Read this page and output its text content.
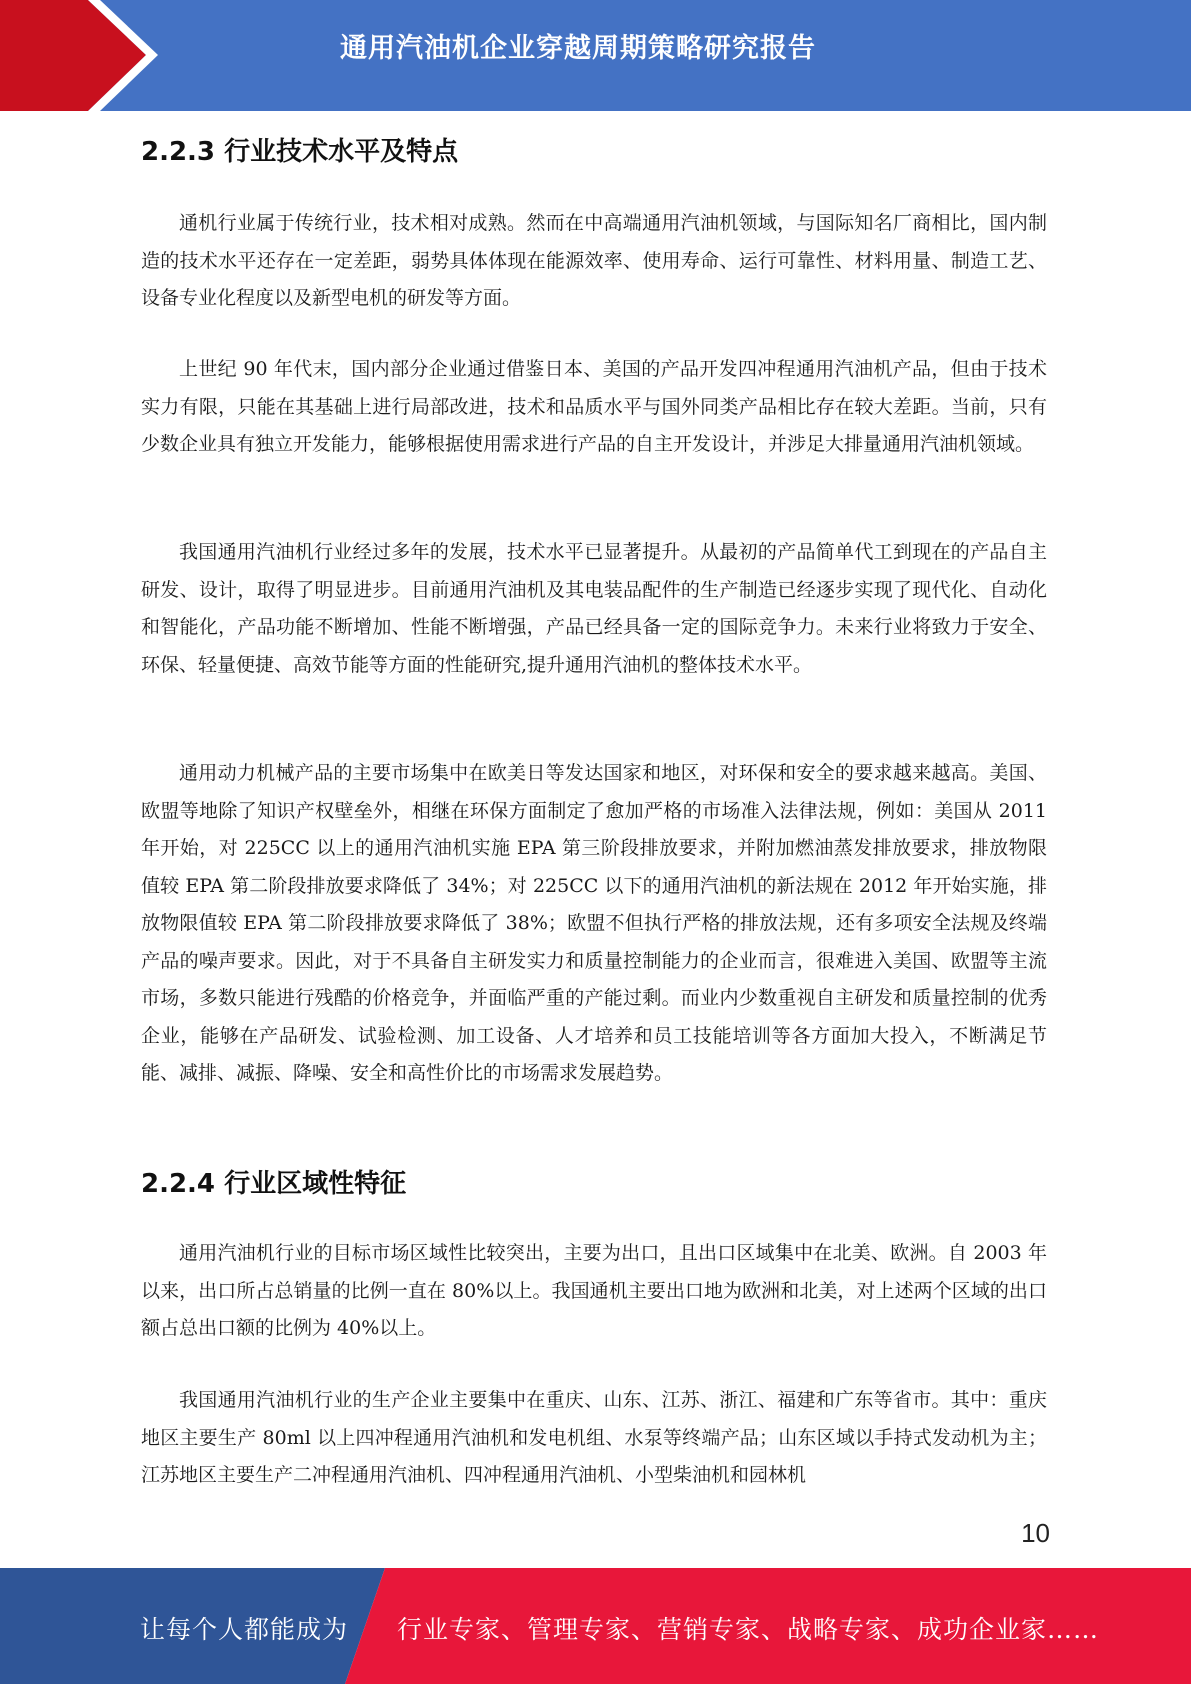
通用汽油机企业穿越周期策略研究报告
2.2.3 行业技术水平及特点

通机行业属于传统行业，技术相对成熟。然而在中高端通用汽油机领域，与国际知名厂商相比，国内制造的技术水平还存在一定差距，弱势具体体现在能源效率、使用寿命、运行可靠性、材料用量、制造工艺、设备专业化程度以及新型电机的研发等方面。

上世纪 90 年代末，国内部分企业通过借鉴日本、美国的产品开发四冲程通用汽油机产品，但由于技术实力有限，只能在其基础上进行局部改进，技术和品质水平与国外同类产品相比存在较大差距。当前，只有少数企业具有独立开发能力，能够根据使用需求进行产品的自主开发设计，并涉足大排量通用汽油机领域。

我国通用汽油机行业经过多年的发展，技术水平已显著提升。从最初的产品简单代工到现在的产品自主研发、设计，取得了明显进步。目前通用汽油机及其电装品配件的生产制造已经逐步实现了现代化、自动化和智能化，产品功能不断增加、性能不断增强，产品已经具备一定的国际竞争力。未来行业将致力于安全、环保、轻量便捷、高效节能等方面的性能研究,提升通用汽油机的整体技术水平。

通用动力机械产品的主要市场集中在欧美日等发达国家和地区，对环保和安全的要求越来越高。美国、欧盟等地除了知识产权壁垒外，相继在环保方面制定了愈加严格的市场准入法律法规，例如：美国从 2011 年开始，对 225CC 以上的通用汽油机实施 EPA 第三阶段排放要求，并附加燃油蒸发排放要求，排放物限值较 EPA 第二阶段排放要求降低了 34%；对 225CC 以下的通用汽油机的新法规在 2012 年开始实施，排放物限值较 EPA 第二阶段排放要求降低了 38%；欧盟不但执行严格的排放法规，还有多项安全法规及终端产品的噪声要求。因此，对于不具备自主研发实力和质量控制能力的企业而言，很难进入美国、欧盟等主流市场，多数只能进行残酷的价格竞争，并面临严重的产能过剩。而业内少数重视自主研发和质量控制的优秀企业，能够在产品研发、试验检测、加工设备、人才培养和员工技能培训等各方面加大投入，不断满足节能、减排、减振、降噪、安全和高性价比的市场需求发展趋势。

2.2.4 行业区域性特征

通用汽油机行业的目标市场区域性比较突出，主要为出口，且出口区域集中在北美、欧洲。自 2003 年以来，出口所占总销量的比例一直在 80%以上。我国通机主要出口地为欧洲和北美，对上述两个区域的出口额占总出口额的比例为 40%以上。

我国通用汽油机行业的生产企业主要集中在重庆、山东、江苏、浙江、福建和广东等省市。其中：重庆地区主要生产 80ml 以上四冲程通用汽油机和发电机组、水泵等终端产品；山东区域以手持式发动机为主；江苏地区主要生产二冲程通用汽油机、四冲程通用汽油机、小型柴油机和园林机

10
让每个人都能成为 行业专家、管理专家、营销专家、战略专家、成功企业家……
